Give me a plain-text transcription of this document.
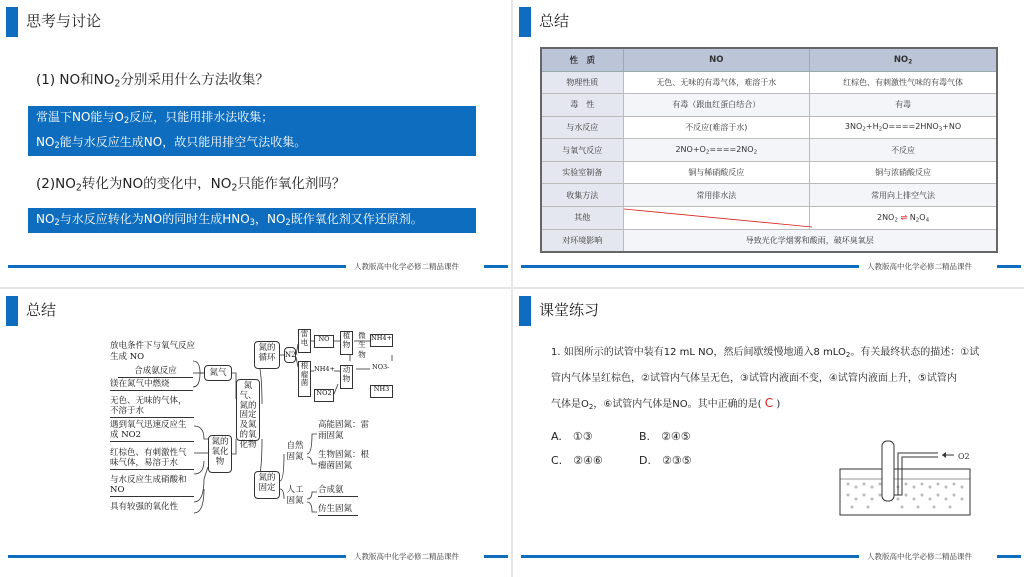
思考与讨论
(1) NO和$NO_2$分别采用什么方法收集？
常温下NO能与$O_2$反应，只能用排水法收集；
$NO_2$能与水反应生成NO，故只能用排空气法收集。
$(2)NO_2$转化为NO的变化中，$NO_2$只能作氧化剂吗？
$NO_2$与水反应转化为NO的同时生成$HNO_3$，$NO_2$既作氧化剂又作还原剂。
人教版高中化学必修二精品课件
总结
性　质	NO	$NO_2$
物理性质	无色、无味的有毒气体，难溶于水	红棕色、有刺激性气味的有毒气体
毒　性	有毒（跟血红蛋白结合）	有毒
与水反应	不反应(难溶于水)	$3NO_2+H_2O====2HNO_3+NO$
与氧气反应	$2NO+O_2====2NO_2$	不反应
实验室制备	铜与稀硝酸反应	铜与浓硝酸反应
收集方法	常用排水法	常用向上排空气法
其他		$2NO_2$ ⇌ $N_2O_4$
对环境影响	导致光化学烟雾和酸雨，破坏臭氧层	
人教版高中化学必修二精品课件
总结
放电条件下与氧气反应生成 NO
合成氨反应
镁在氮气中燃烧
无色、无味的气体，不溶于水
遇到氧气迅速反应生成 NO2
红棕色、有刺激性气味气体，易溶于水
与水反应生成硝酸和 NO
具有较强的氧化性
氮气
氮的氧化物
氮气、氮的固定及氮的氧化物
氮的循环
氮的固定
自然固氮
人工固氮
高能固氮：雷雨固氮
生物固氮：根瘤菌固氮
合成氨
仿生固氮
N2
雷电
根瘤菌
NO
NH4+
NO2
植物
动物
微生物
NH4+
NO3-
NH3
人教版高中化学必修二精品课件
课堂练习
1. 如图所示的试管中装有12 mL NO，然后间歇缓慢地通入8 mLO$_2$。有关最终状态的描述：①试
管内气体呈红棕色，②试管内气体呈无色，③试管内液面不变，④试管内液面上升，⑤试管内
气体是$O_2$，⑥试管内气体是NO。其中正确的是( C )
A.　①③	B.　②④⑤
C.　②④⑥	D.　②③⑤	O2
人教版高中化学必修二精品课件
